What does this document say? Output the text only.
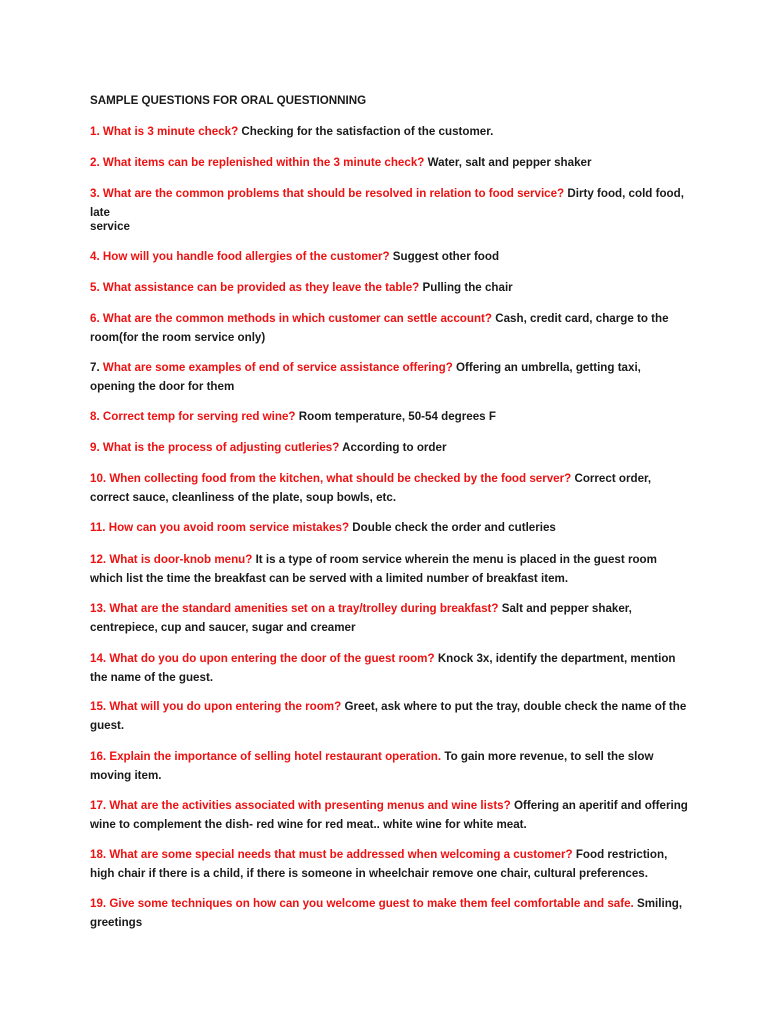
SAMPLE QUESTIONS FOR ORAL QUESTIONNING

1. What is 3 minute check? Checking for the satisfaction of the customer.

2. What items can be replenished within the 3 minute check? Water, salt and pepper shaker

3. What are the common problems that should be resolved in relation to food service? Dirty food, cold food, late

service

4. How will you handle food allergies of the customer? Suggest other food

5. What assistance can be provided as they leave the table? Pulling the chair

6. What are the common methods in which customer can settle account? Cash, credit card, charge to the room(for the room service only)

7. What are some examples of end of service assistance offering? Offering an umbrella, getting taxi, opening the door for them

8. Correct temp for serving red wine? Room temperature, 50-54 degrees F

9. What is the process of adjusting cutleries? According to order

10. When collecting food from the kitchen, what should be checked by the food server? Correct order, correct sauce, cleanliness of the plate, soup bowls, etc.

11. How can you avoid room service mistakes? Double check the order and cutleries

12. What is door-knob menu? It is a type of room service wherein the menu is placed in the guest room which list the time the breakfast can be served with a limited number of breakfast item.

13. What are the standard amenities set on a tray/trolley during breakfast? Salt and pepper shaker, centrepiece, cup and saucer, sugar and creamer

14. What do you do upon entering the door of the guest room? Knock 3x, identify the department, mention the name of the guest.

15. What will you do upon entering the room? Greet, ask where to put the tray, double check the name of the guest.

16. Explain the importance of selling hotel restaurant operation. To gain more revenue, to sell the slow moving item.

17. What are the activities associated with presenting menus and wine lists? Offering an aperitif and offering wine to complement the dish- red wine for red meat.. white wine for white meat.

18. What are some special needs that must be addressed when welcoming a customer? Food restriction, high chair if there is a child, if there is someone in wheelchair remove one chair, cultural preferences.

19. Give some techniques on how can you welcome guest to make them feel comfortable and safe. Smiling, greetings
